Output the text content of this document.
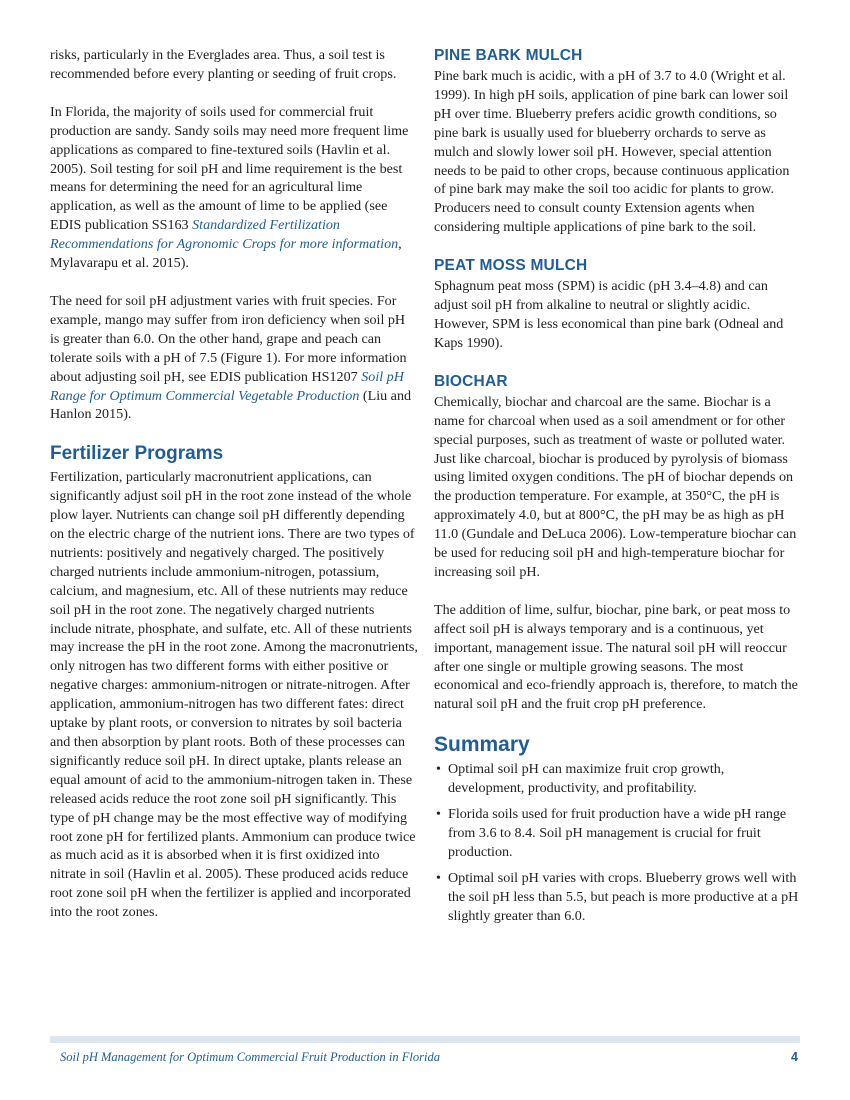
risks, particularly in the Everglades area. Thus, a soil test is recommended before every planting or seeding of fruit crops.

In Florida, the majority of soils used for commercial fruit production are sandy. Sandy soils may need more frequent lime applications as compared to fine-textured soils (Havlin et al. 2005). Soil testing for soil pH and lime requirement is the best means for determining the need for an agricultural lime application, as well as the amount of lime to be applied (see EDIS publication SS163 Standardized Fertilization Recommendations for Agronomic Crops for more information, Mylavarapu et al. 2015).

The need for soil pH adjustment varies with fruit species. For example, mango may suffer from iron deficiency when soil pH is greater than 6.0. On the other hand, grape and peach can tolerate soils with a pH of 7.5 (Figure 1). For more information about adjusting soil pH, see EDIS publication HS1207 Soil pH Range for Optimum Commercial Vegetable Production (Liu and Hanlon 2015).

Fertilizer Programs

Fertilization, particularly macronutrient applications, can significantly adjust soil pH in the root zone instead of the whole plow layer. Nutrients can change soil pH differently depending on the electric charge of the nutrient ions. There are two types of nutrients: positively and negatively charged. The positively charged nutrients include ammonium-nitrogen, potassium, calcium, and magnesium, etc. All of these nutrients may reduce soil pH in the root zone. The negatively charged nutrients include nitrate, phosphate, and sulfate, etc. All of these nutrients may increase the pH in the root zone. Among the macronutrients, only nitrogen has two different forms with either positive or negative charges: ammonium-nitrogen or nitrate-nitrogen. After application, ammonium-nitrogen has two different fates: direct uptake by plant roots, or conversion to nitrates by soil bacteria and then absorption by plant roots. Both of these processes can significantly reduce soil pH. In direct uptake, plants release an equal amount of acid to the ammonium-nitrogen taken in. These released acids reduce the root zone soil pH significantly. This type of pH change may be the most effective way of modifying root zone pH for fertilized plants. Ammonium can produce twice as much acid as it is absorbed when it is first oxidized into nitrate in soil (Havlin et al. 2005). These produced acids reduce root zone soil pH when the fertilizer is applied and incorporated into the root zones.

PINE BARK MULCH

Pine bark much is acidic, with a pH of 3.7 to 4.0 (Wright et al. 1999). In high pH soils, application of pine bark can lower soil pH over time. Blueberry prefers acidic growth conditions, so pine bark is usually used for blueberry orchards to serve as mulch and slowly lower soil pH. However, special attention needs to be paid to other crops, because continuous application of pine bark may make the soil too acidic for plants to grow. Producers need to consult county Extension agents when considering multiple applications of pine bark to the soil.

PEAT MOSS MULCH

Sphagnum peat moss (SPM) is acidic (pH 3.4–4.8) and can adjust soil pH from alkaline to neutral or slightly acidic. However, SPM is less economical than pine bark (Odneal and Kaps 1990).

BIOCHAR

Chemically, biochar and charcoal are the same. Biochar is a name for charcoal when used as a soil amendment or for other special purposes, such as treatment of waste or polluted water. Just like charcoal, biochar is produced by pyrolysis of biomass using limited oxygen conditions. The pH of biochar depends on the production temperature. For example, at 350°C, the pH is approximately 4.0, but at 800°C, the pH may be as high as pH 11.0 (Gundale and DeLuca 2006). Low-temperature biochar can be used for reducing soil pH and high-temperature biochar for increasing soil pH.

The addition of lime, sulfur, biochar, pine bark, or peat moss to affect soil pH is always temporary and is a continuous, yet important, management issue. The natural soil pH will reoccur after one single or multiple growing seasons. The most economical and eco-friendly approach is, therefore, to match the natural soil pH and the fruit crop pH preference.

Summary
• Optimal soil pH can maximize fruit crop growth, development, productivity, and profitability.
• Florida soils used for fruit production have a wide pH range from 3.6 to 8.4. Soil pH management is crucial for fruit production.
• Optimal soil pH varies with crops. Blueberry grows well with the soil pH less than 5.5, but peach is more productive at a pH slightly greater than 6.0.
Soil pH Management for Optimum Commercial Fruit Production in Florida	4
